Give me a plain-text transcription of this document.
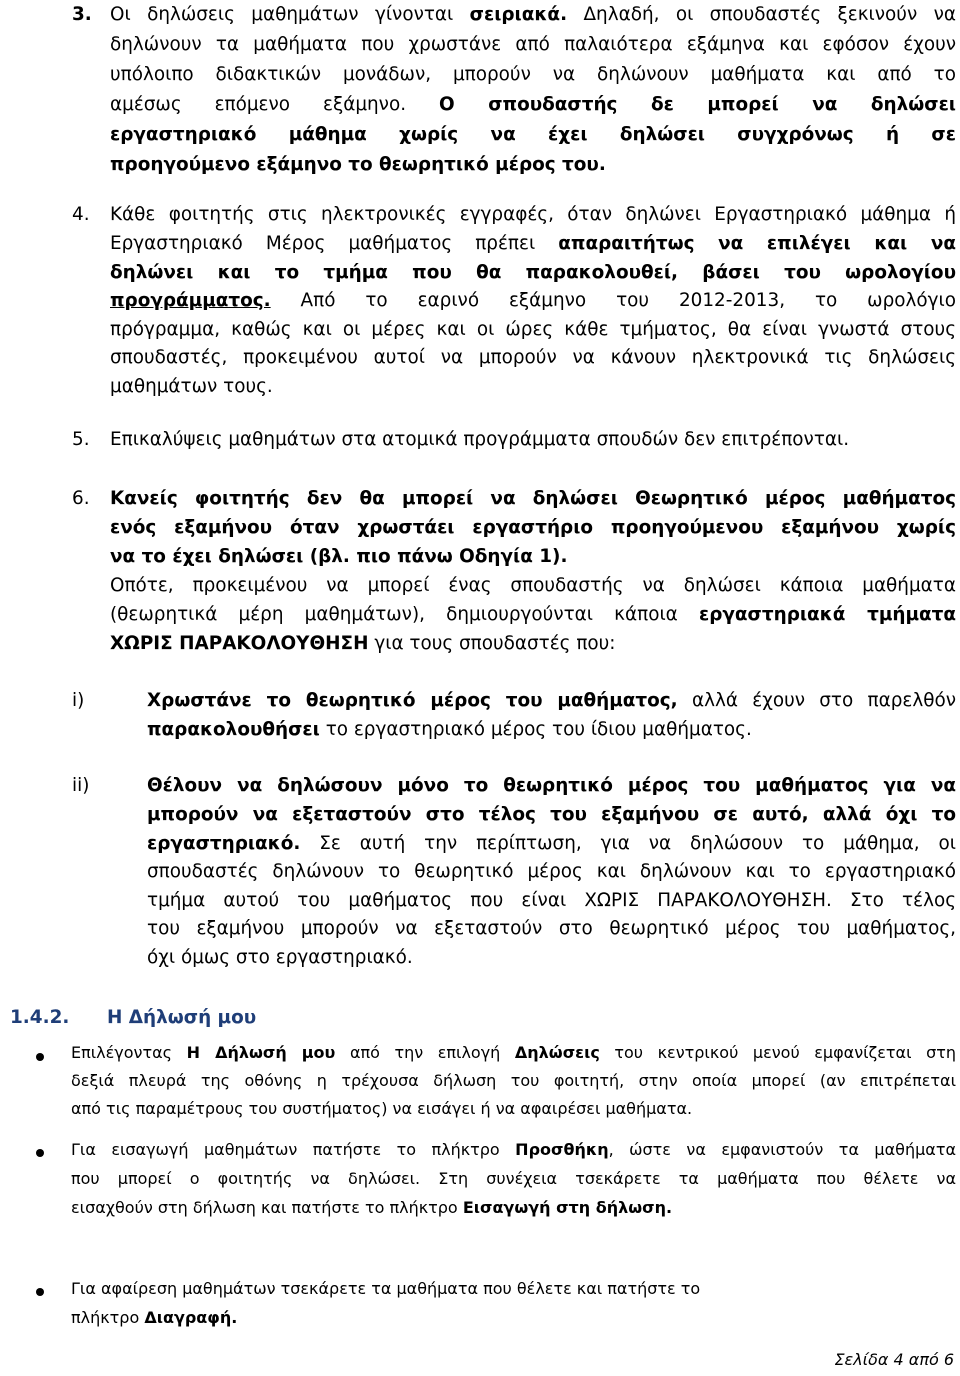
3. Οι δηλώσεις μαθημάτων γίνονται σειριακά. Δηλαδή, οι σπουδαστές ξεκινούν να
δηλώνουν τα μαθήματα που χρωστάνε από παλαιότερα εξάμηνα και εφόσον έχουν
υπόλοιπο διδακτικών μονάδων, μπορούν να δηλώνουν μαθήματα και από το
αμέσως επόμενο εξάμηνο. Ο σπουδαστής δε μπορεί να δηλώσει
εργαστηριακό μάθημα χωρίς να έχει δηλώσει συγχρόνως ή σε
προηγούμενο εξάμηνο το θεωρητικό μέρος του.
4. Κάθε φοιτητής στις ηλεκτρονικές εγγραφές, όταν δηλώνει Εργαστηριακό μάθημα ή
Εργαστηριακό Μέρος μαθήματος πρέπει απαραιτήτως να επιλέγει και να
δηλώνει και το τμήμα που θα παρακολουθεί, βάσει του ωρολογίου
προγράμματος. Από το εαρινό εξάμηνο του 2012-2013, το ωρολόγιο
πρόγραμμα, καθώς και οι μέρες και οι ώρες κάθε τμήματος, θα είναι γνωστά στους
σπουδαστές, προκειμένου αυτοί να μπορούν να κάνουν ηλεκτρονικά τις δηλώσεις
μαθημάτων τους.
5. Επικαλύψεις μαθημάτων στα ατομικά προγράμματα σπουδών δεν επιτρέπονται.
6. Κανείς φοιτητής δεν θα μπορεί να δηλώσει Θεωρητικό μέρος μαθήματος
ενός εξαμήνου όταν χρωστάει εργαστήριο προηγούμενου εξαμήνου χωρίς
να το έχει δηλώσει (βλ. πιο πάνω Οδηγία 1).
Οπότε, προκειμένου να μπορεί ένας σπουδαστής να δηλώσει κάποια μαθήματα
(θεωρητικά μέρη μαθημάτων), δημιουργούνται κάποια εργαστηριακά τμήματα
ΧΩΡΙΣ ΠΑΡΑΚΟΛΟΥΘΗΣΗ για τους σπουδαστές που:
i)	Χρωστάνε το θεωρητικό μέρος του μαθήματος, αλλά έχουν στο παρελθόν
παρακολουθήσει το εργαστηριακό μέρος του ίδιου μαθήματος.
ii)	Θέλουν να δηλώσουν μόνο το θεωρητικό μέρος του μαθήματος για να
μπορούν να εξεταστούν στο τέλος του εξαμήνου σε αυτό, αλλά όχι το
εργαστηριακό. Σε αυτή την περίπτωση, για να δηλώσουν το μάθημα, οι
σπουδαστές δηλώνουν το θεωρητικό μέρος και δηλώνουν και το εργαστηριακό
τμήμα αυτού του μαθήματος που είναι ΧΩΡΙΣ ΠΑΡΑΚΟΛΟΥΘΗΣΗ. Στο τέλος
του εξαμήνου μπορούν να εξεταστούν στο θεωρητικό μέρος του μαθήματος,
όχι όμως στο εργαστηριακό.
1.4.2. Η Δήλωσή μου
Επιλέγοντας Η Δήλωσή μου από την επιλογή Δηλώσεις του κεντρικού μενού εμφανίζεται στη
δεξιά πλευρά της οθόνης η τρέχουσα δήλωση του φοιτητή, στην οποία μπορεί (αν επιτρέπεται
από τις παραμέτρους του συστήματος) να εισάγει ή να αφαιρέσει μαθήματα.
Για εισαγωγή μαθημάτων πατήστε το πλήκτρο Προσθήκη, ώστε να εμφανιστούν τα μαθήματα
που μπορεί ο φοιτητής να δηλώσει. Στη συνέχεια τσεκάρετε τα μαθήματα που θέλετε να
εισαχθούν στη δήλωση και πατήστε το πλήκτρο Εισαγωγή στη δήλωση.
Για αφαίρεση μαθημάτων τσεκάρετε τα μαθήματα που θέλετε και πατήστε το
πλήκτρο Διαγραφή.
Σελίδα 4 από 6
